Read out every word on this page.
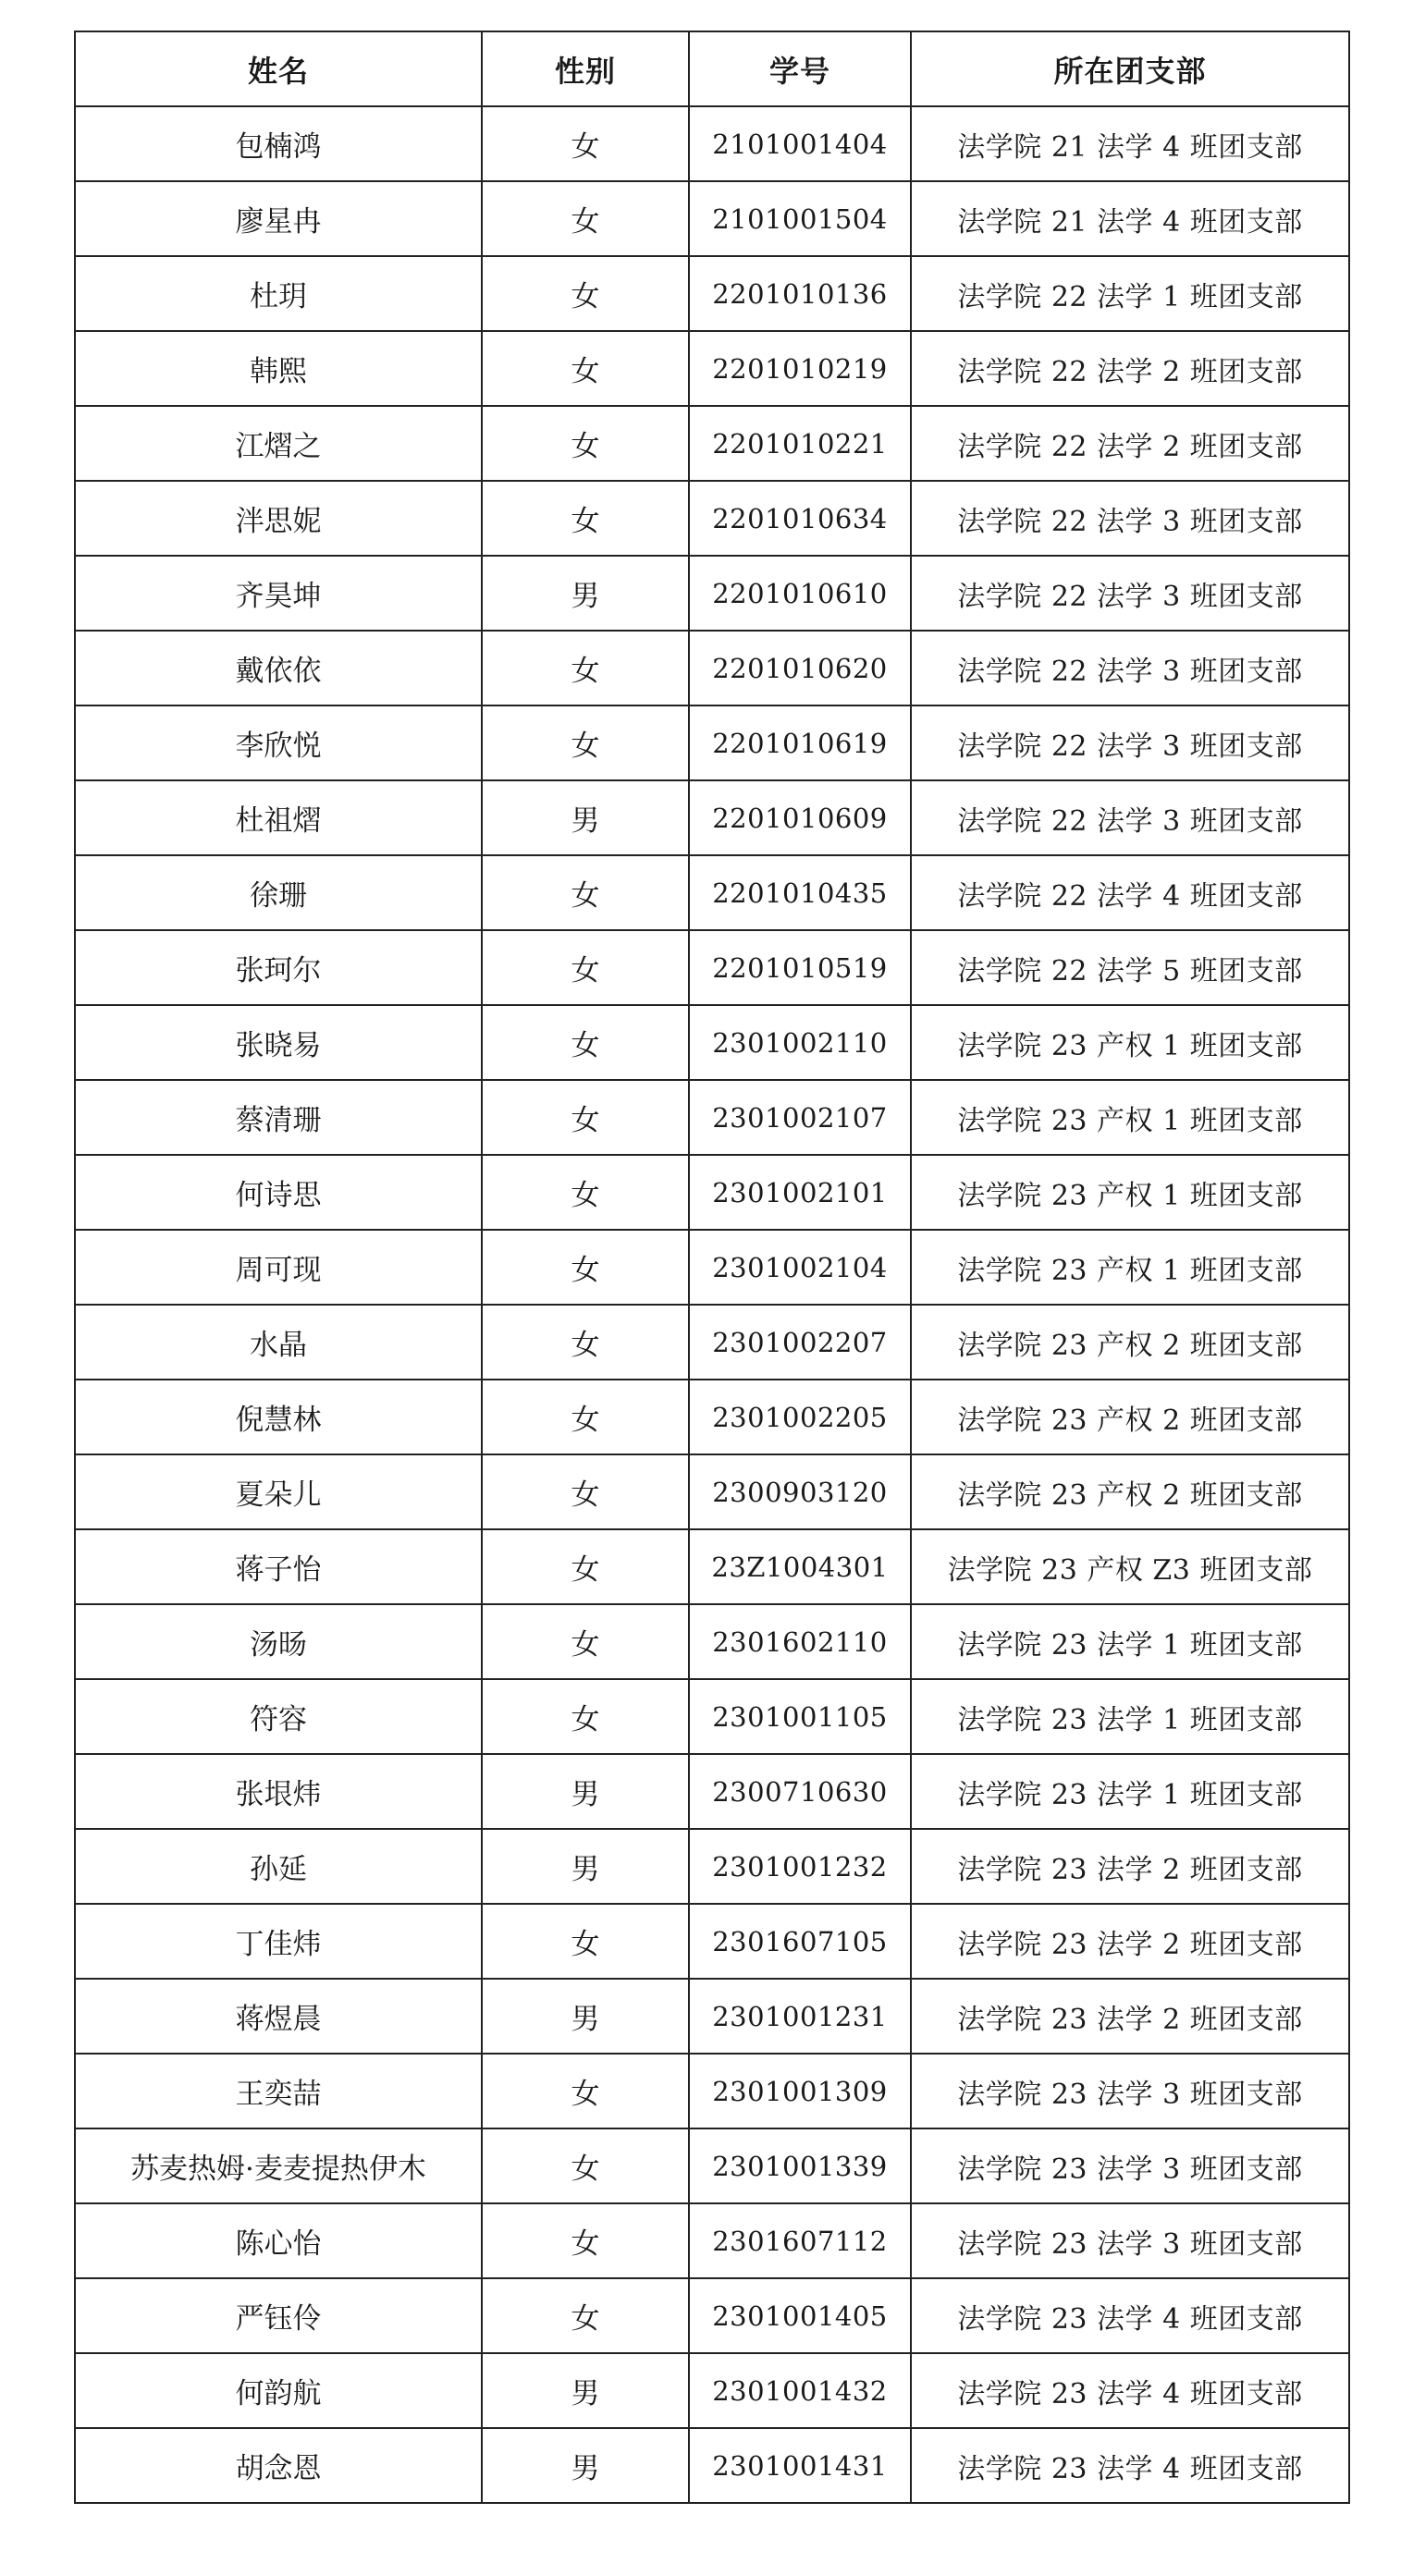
姓名	性别	学号	所在团支部
包楠鸿	女	2101001404	法学院 21 法学 4 班团支部
廖星冉	女	2101001504	法学院 21 法学 4 班团支部
杜玥	女	2201010136	法学院 22 法学 1 班团支部
韩熙	女	2201010219	法学院 22 法学 2 班团支部
江熠之	女	2201010221	法学院 22 法学 2 班团支部
泮思妮	女	2201010634	法学院 22 法学 3 班团支部
齐昊坤	男	2201010610	法学院 22 法学 3 班团支部
戴依依	女	2201010620	法学院 22 法学 3 班团支部
李欣悦	女	2201010619	法学院 22 法学 3 班团支部
杜祖熠	男	2201010609	法学院 22 法学 3 班团支部
徐珊	女	2201010435	法学院 22 法学 4 班团支部
张珂尔	女	2201010519	法学院 22 法学 5 班团支部
张晓易	女	2301002110	法学院 23 产权 1 班团支部
蔡清珊	女	2301002107	法学院 23 产权 1 班团支部
何诗思	女	2301002101	法学院 23 产权 1 班团支部
周可现	女	2301002104	法学院 23 产权 1 班团支部
水晶	女	2301002207	法学院 23 产权 2 班团支部
倪慧林	女	2301002205	法学院 23 产权 2 班团支部
夏朵儿	女	2300903120	法学院 23 产权 2 班团支部
蒋子怡	女	23Z1004301	法学院 23 产权 Z3 班团支部
汤旸	女	2301602110	法学院 23 法学 1 班团支部
符容	女	2301001105	法学院 23 法学 1 班团支部
张垠炜	男	2300710630	法学院 23 法学 1 班团支部
孙延	男	2301001232	法学院 23 法学 2 班团支部
丁佳炜	女	2301607105	法学院 23 法学 2 班团支部
蒋煜晨	男	2301001231	法学院 23 法学 2 班团支部
王奕喆	女	2301001309	法学院 23 法学 3 班团支部
苏麦热姆·麦麦提热伊木	女	2301001339	法学院 23 法学 3 班团支部
陈心怡	女	2301607112	法学院 23 法学 3 班团支部
严钰伶	女	2301001405	法学院 23 法学 4 班团支部
何韵航	男	2301001432	法学院 23 法学 4 班团支部
胡念恩	男	2301001431	法学院 23 法学 4 班团支部
